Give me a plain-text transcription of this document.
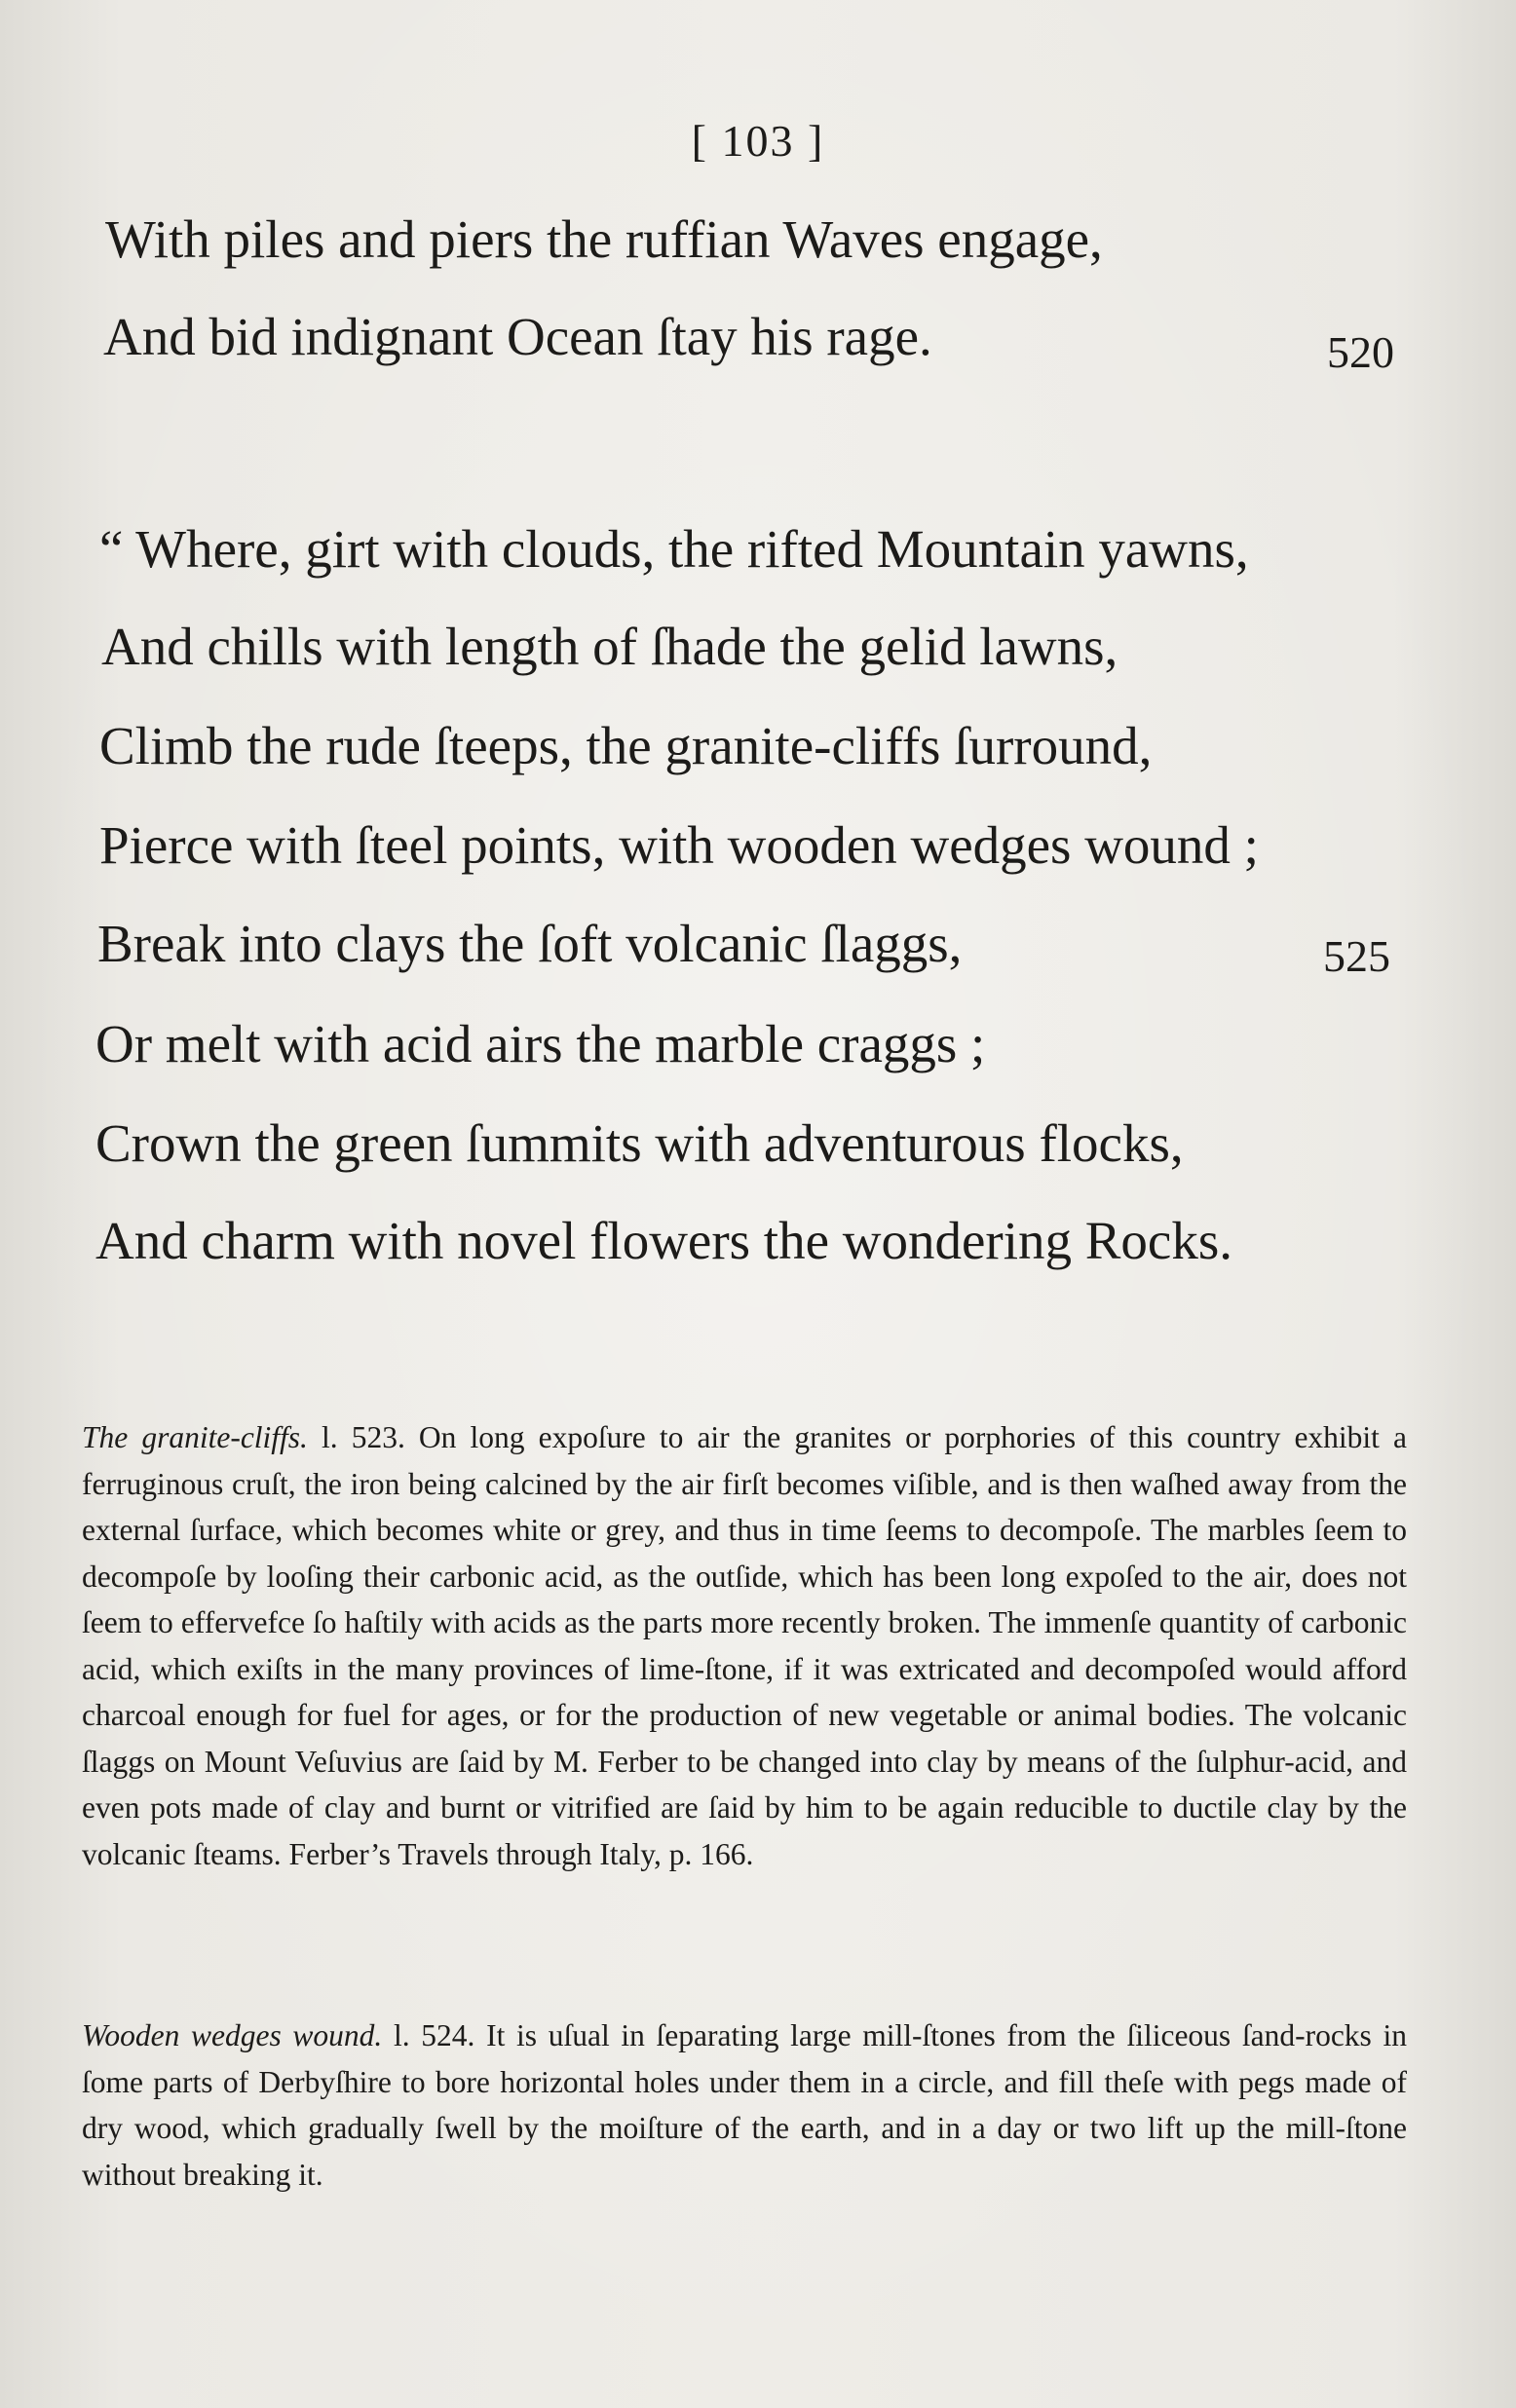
[ 103 ]
With piles and piers the ruffian Waves engage,
And bid indignant Ocean ſtay his rage.	520
“ Where, girt with clouds, the rifted Mountain yawns,
And chills with length of ſhade the gelid lawns,
Climb the rude ſteeps, the granite-cliffs ſurround,
Pierce with ſteel points, with wooden wedges wound ;
Break into clays the ſoft volcanic ſlaggs,	525
Or melt with acid airs the marble craggs ;
Crown the green ſummits with adventurous flocks,
And charm with novel flowers the wondering Rocks.
The granite-cliffs. l. 523. On long expoſure to air the granites or porphories of this country exhibit a ferruginous cruſt, the iron being calcined by the air firſt becomes viſible, and is then waſhed away from the external ſurface, which becomes white or grey, and thus in time ſeems to decompoſe. The marbles ſeem to decompoſe by looſing their carbonic acid, as the outſide, which has been long expoſed to the air, does not ſeem to effervefce ſo haſtily with acids as the parts more recently broken. The immenſe quantity of carbonic acid, which exiſts in the many provinces of lime-ſtone, if it was extricated and decompoſed would afford charcoal enough for fuel for ages, or for the production of new vegetable or animal bodies. The volcanic ſlaggs on Mount Veſuvius are ſaid by M. Ferber to be changed into clay by means of the ſulphur-acid, and even pots made of clay and burnt or vitrified are ſaid by him to be again reducible to ductile clay by the volcanic ſteams. Ferber’s Travels through Italy, p. 166.
Wooden wedges wound. l. 524. It is uſual in ſeparating large mill-ſtones from the ſiliceous ſand-rocks in ſome parts of Derbyſhire to bore horizontal holes under them in a circle, and fill theſe with pegs made of dry wood, which gradually ſwell by the moiſture of the earth, and in a day or two lift up the mill-ſtone without breaking it.
